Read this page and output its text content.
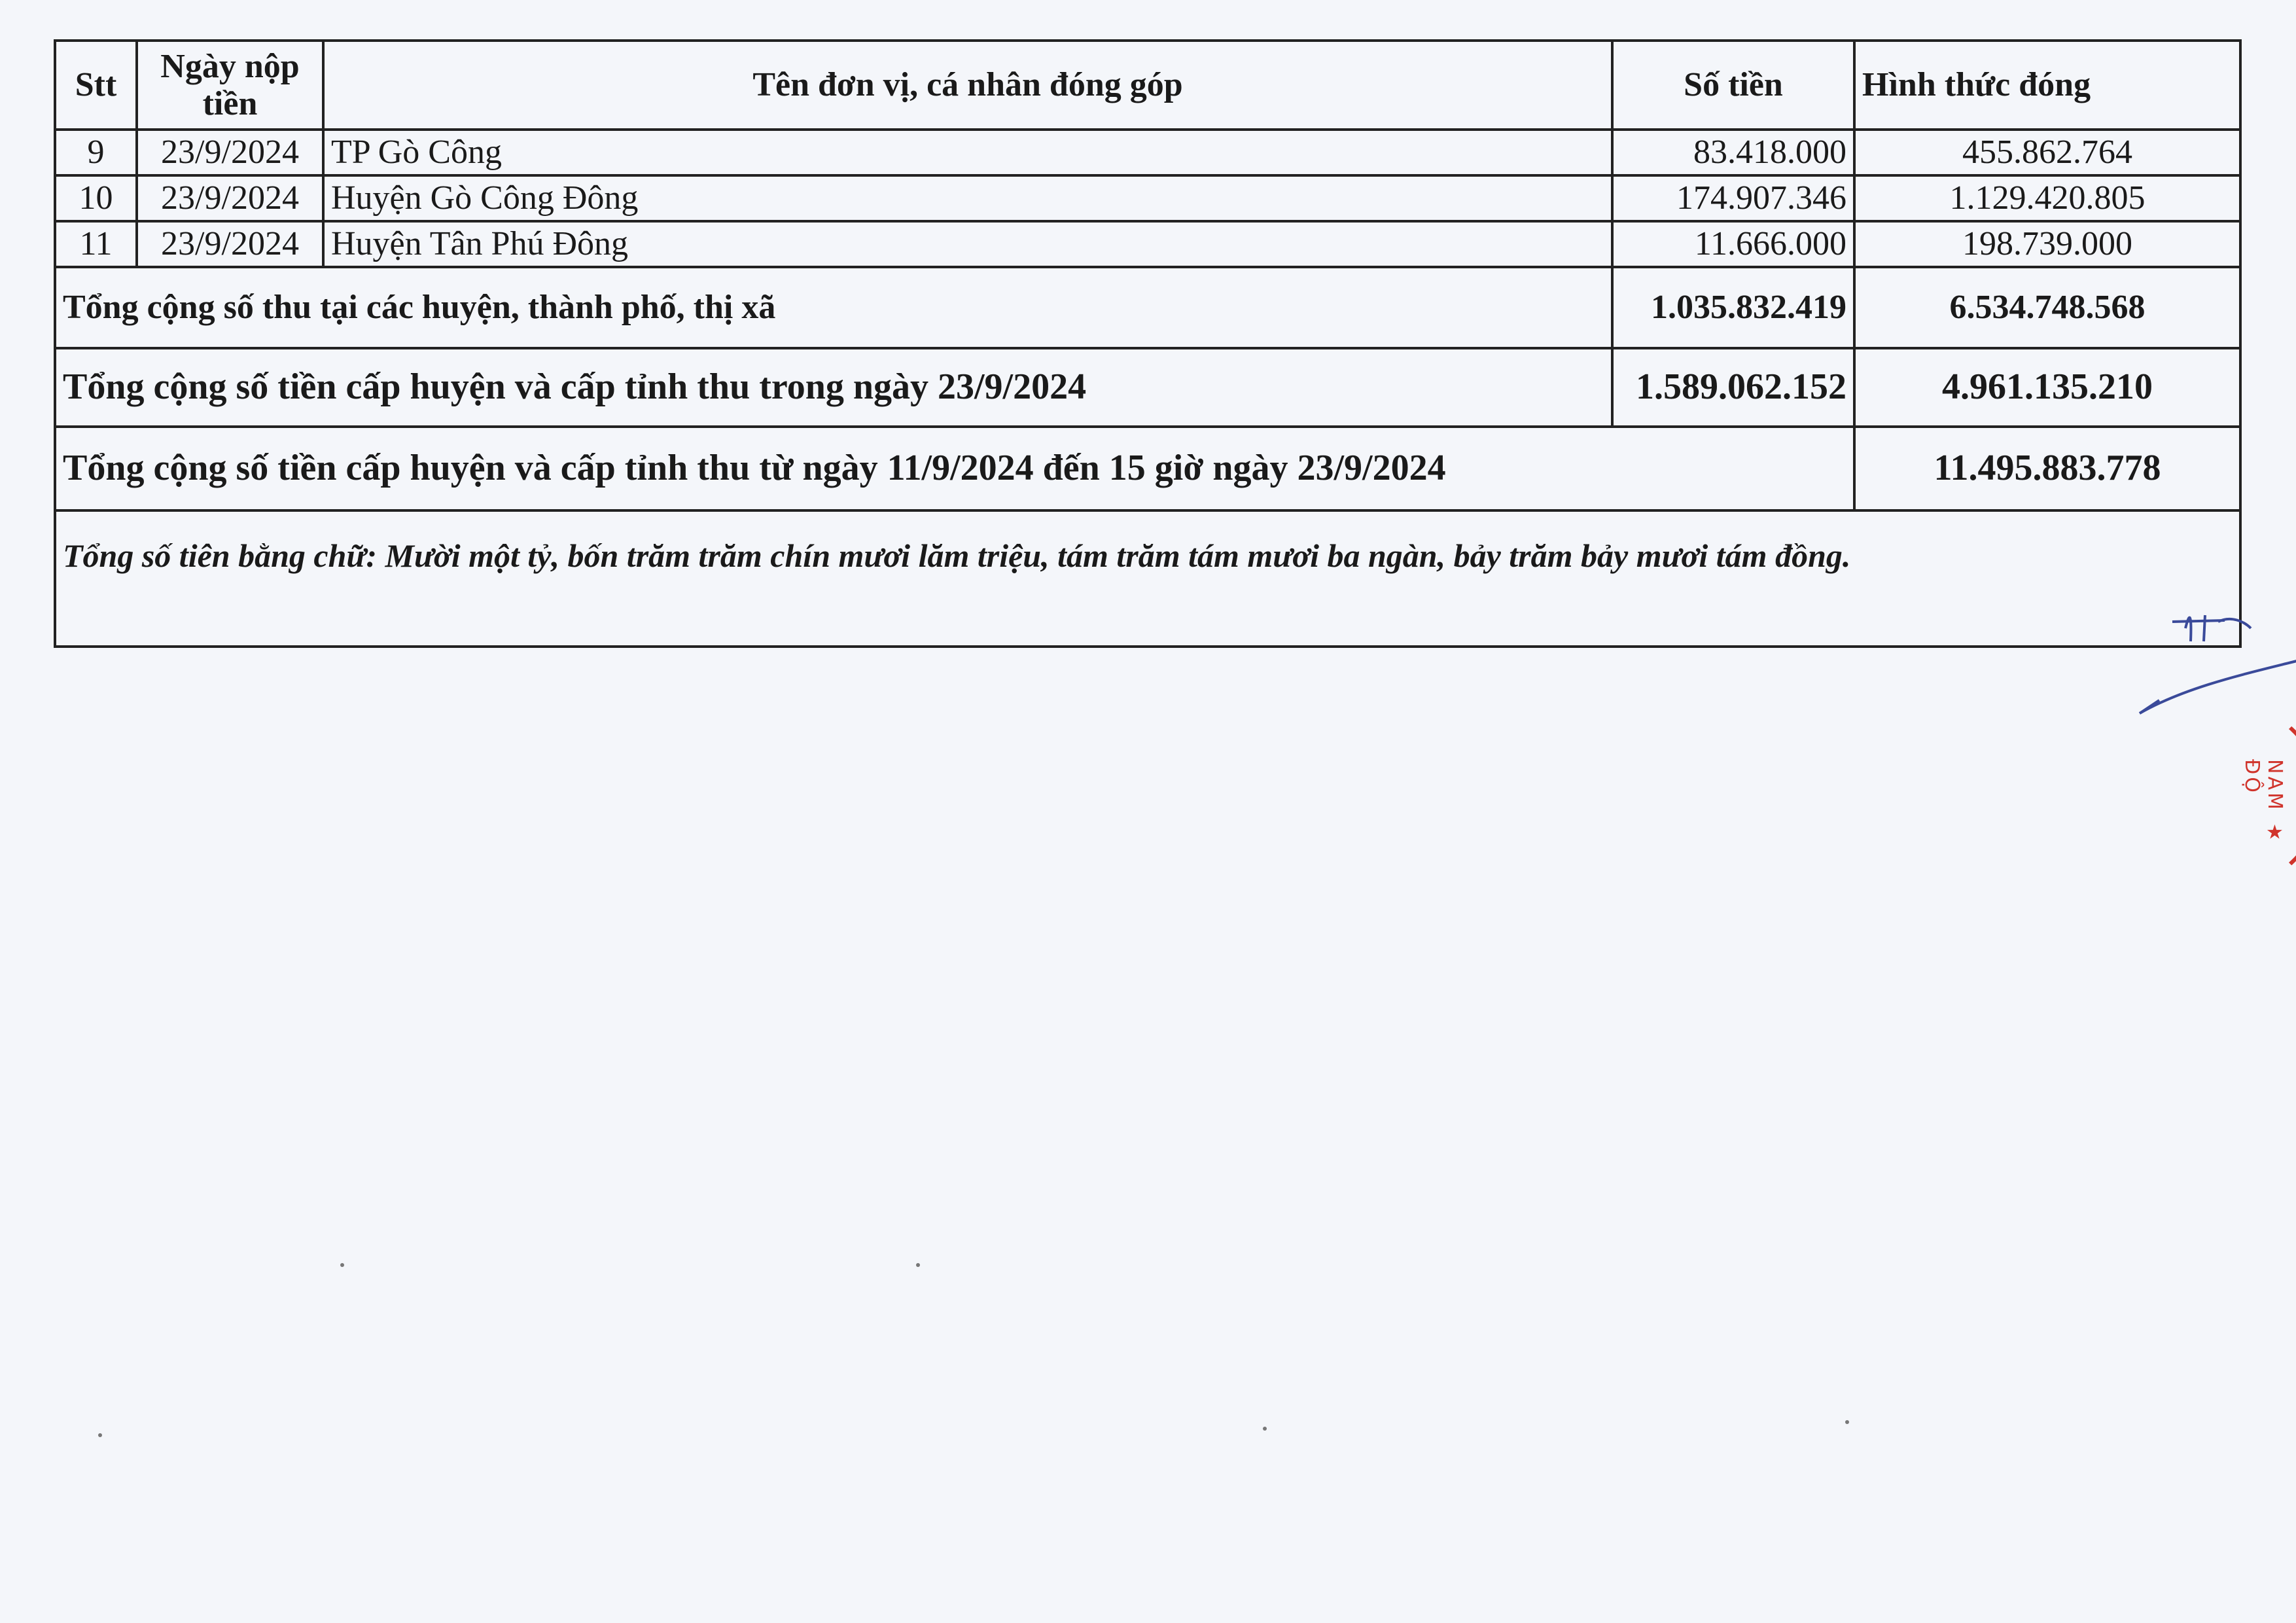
Stt	Ngày nộp tiền	Tên đơn vị, cá nhân đóng góp	Số tiền	Hình thức đóng
9	23/9/2024	TP Gò Công	83.418.000	455.862.764
10	23/9/2024	Huyện Gò Công Đông	174.907.346	1.129.420.805
11	23/9/2024	Huyện Tân Phú Đông	11.666.000	198.739.000
Tổng cộng số thu tại các huyện, thành phố, thị xã			1.035.832.419	6.534.748.568
Tổng cộng số tiền cấp huyện và cấp tỉnh thu trong ngày 23/9/2024			1.589.062.152	4.961.135.210
Tổng cộng số tiền cấp huyện và cấp tỉnh thu từ ngày 11/9/2024 đến 15 giờ ngày 23/9/2024				11.495.883.778
Tổng số tiên bằng chữ: Mười một tỷ, bốn trăm trăm chín mươi lăm triệu, tám trăm tám mươi ba ngàn, bảy trăm bảy mươi tám đồng.				
NAM ★ ĐỘ
